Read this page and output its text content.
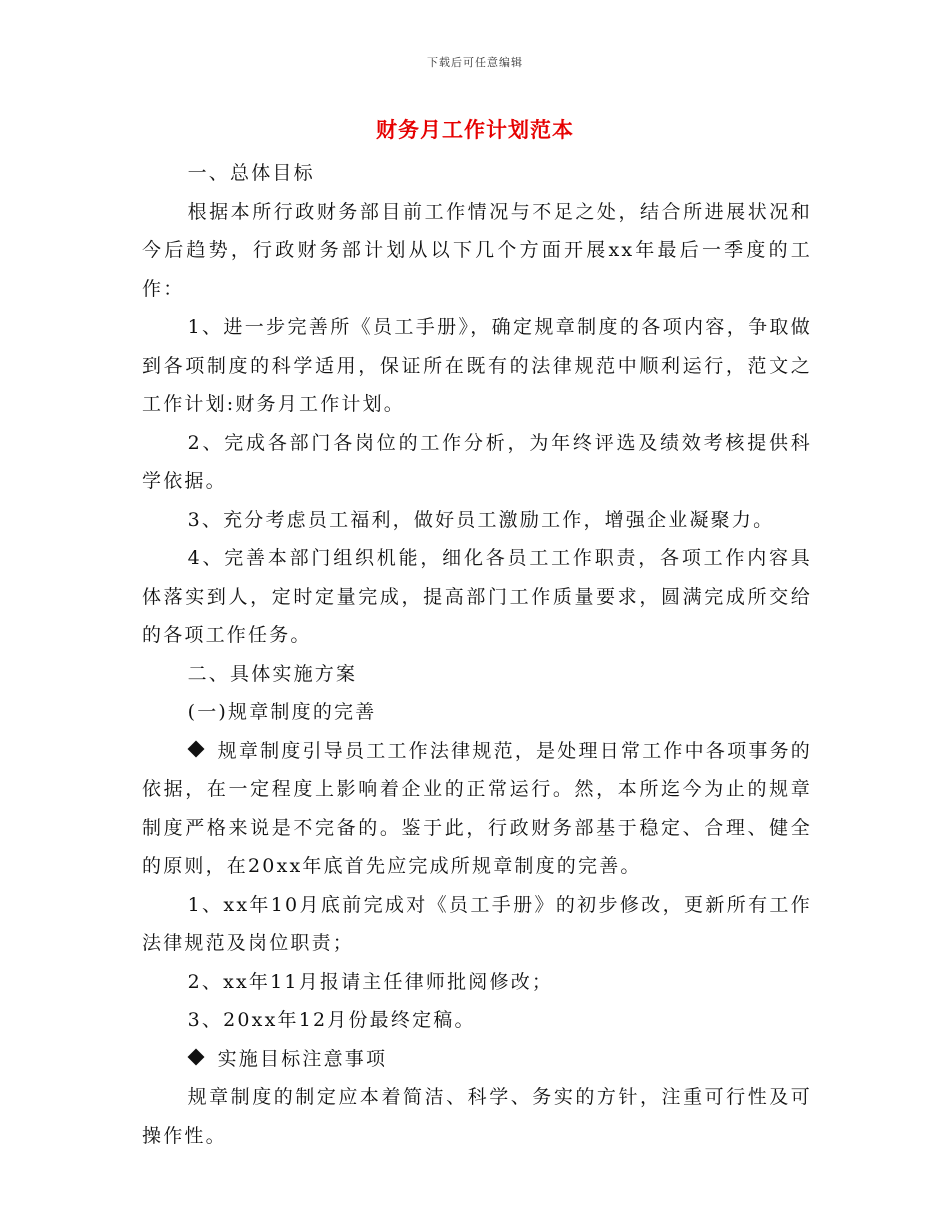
下载后可任意编辑
财务月工作计划范本

一、总体目标

根据本所行政财务部目前工作情况与不足之处，结合所进展状况和今后趋势，行政财务部计划从以下几个方面开展xx年最后一季度的工作：

1、进一步完善所《员工手册》，确定规章制度的各项内容，争取做到各项制度的科学适用，保证所在既有的法律规范中顺利运行，范文之工作计划:财务月工作计划。

2、完成各部门各岗位的工作分析，为年终评选及绩效考核提供科学依据。

3、充分考虑员工福利，做好员工激励工作，增强企业凝聚力。

4、完善本部门组织机能，细化各员工工作职责，各项工作内容具体落实到人，定时定量完成，提高部门工作质量要求，圆满完成所交给的各项工作任务。

二、具体实施方案

(一)规章制度的完善

规章制度引导员工工作法律规范，是处理日常工作中各项事务的依据，在一定程度上影响着企业的正常运行。然，本所迄今为止的规章制度严格来说是不完备的。鉴于此，行政财务部基于稳定、合理、健全的原则，在20xx年底首先应完成所规章制度的完善。

1、xx年10月底前完成对《员工手册》的初步修改，更新所有工作法律规范及岗位职责；

2、xx年11月报请主任律师批阅修改；

3、20xx年12月份最终定稿。

实施目标注意事项

规章制度的制定应本着简洁、科学、务实的方针，注重可行性及可操作性。
